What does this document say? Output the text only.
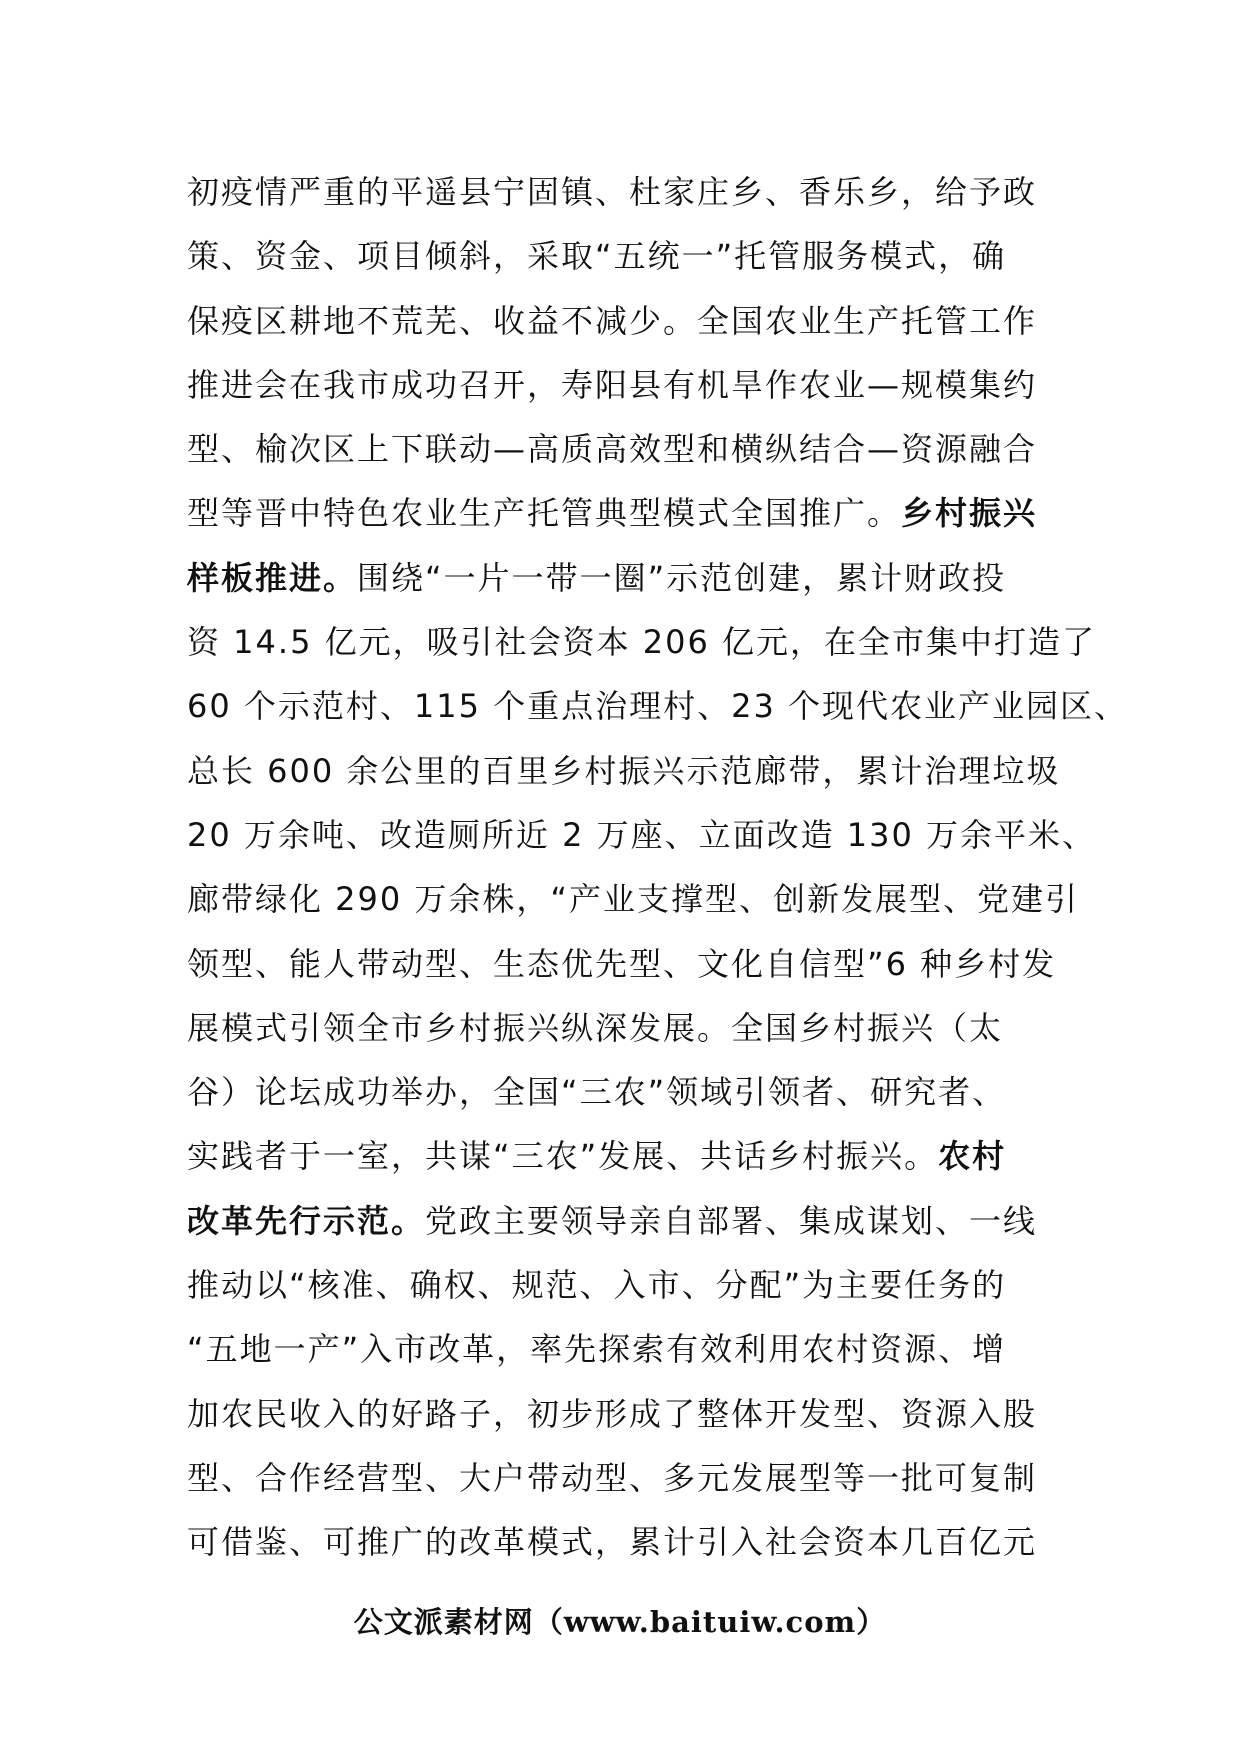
初疫情严重的平遥县宁固镇、杜家庄乡、香乐乡，给予政
策、资金、项目倾斜，采取“五统一”托管服务模式，确
保疫区耕地不荒芜、收益不减少。全国农业生产托管工作
推进会在我市成功召开，寿阳县有机旱作农业—规模集约
型、榆次区上下联动—高质高效型和横纵结合—资源融合
型等晋中特色农业生产托管典型模式全国推广。乡村振兴
样板推进。围绕“一片一带一圈”示范创建，累计财政投
资 14.5 亿元，吸引社会资本 206 亿元，在全市集中打造了
60 个示范村、115 个重点治理村、23 个现代农业产业园区、
总长 600 余公里的百里乡村振兴示范廊带，累计治理垃圾
20 万余吨、改造厕所近 2 万座、立面改造 130 万余平米、
廊带绿化 290 万余株，“产业支撑型、创新发展型、党建引
领型、能人带动型、生态优先型、文化自信型”6 种乡村发
展模式引领全市乡村振兴纵深发展。全国乡村振兴（太
谷）论坛成功举办，全国“三农”领域引领者、研究者、
实践者于一室，共谋“三农”发展、共话乡村振兴。农村
改革先行示范。党政主要领导亲自部署、集成谋划、一线
推动以“核准、确权、规范、入市、分配”为主要任务的
“五地一产”入市改革，率先探索有效利用农村资源、增
加农民收入的好路子，初步形成了整体开发型、资源入股
型、合作经营型、大户带动型、多元发展型等一批可复制
可借鉴、可推广的改革模式，累计引入社会资本几百亿元
公文派素材网（www.baituiw.com）
